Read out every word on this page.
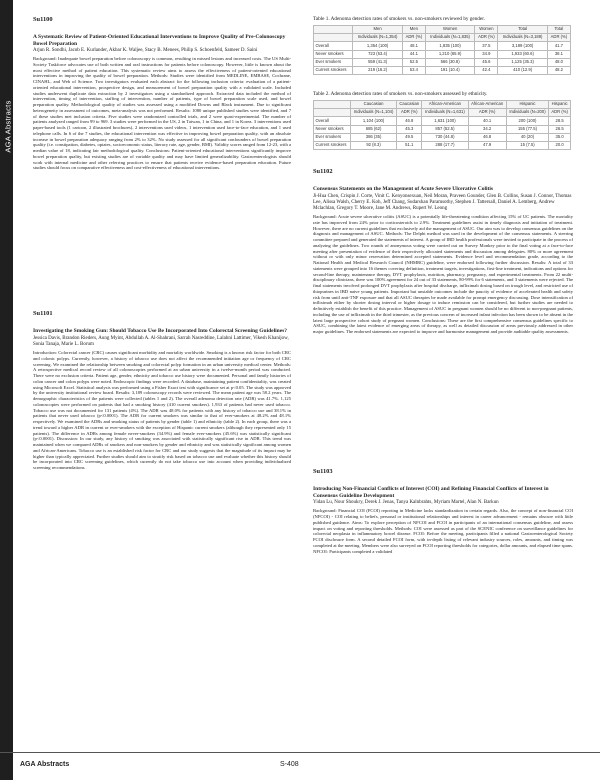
AGA Abstracts
Su1100
A Systematic Review of Patient-Oriented Educational Interventions to Improve Quality of Pre-Colonoscopy Bowel Preparation
Arjun R. Sondhi, Jacob E. Kurlander, Akbar K. Waljee, Stacy B. Menees, Philip S. Schoenfeld, Sameer D. Saini

Background: Inadequate bowel preparation before colonoscopy is common, resulting in missed lesions and increased costs. The US Multi-Society Taskforce advocates use of both written and oral instructions for patients before colonoscopy. However, little is known about the most effective method of patient education. This systematic review aims to assess the effectiveness of patient-oriented educational interventions in improving the quality of bowel preparation. Methods: Studies were identified from MEDLINE, EMBASE, Cochrane, CINAHL, and Web of Science. Two investigators evaluated each abstract for the following inclusion criteria: evaluation of a patient-oriented educational intervention, prospective design, and measurement of bowel preparation quality with a validated scale. Included studies underwent duplicate data extraction by 2 investigators using a standardized approach. Extracted data included the method of intervention, timing of intervention, staffing of intervention, number of patients, type of bowel preparation scale used, and bowel preparation quality. Methodological quality of studies was assessed using a modified Downs and Black instrument. Due to significant heterogeneity in assessment of outcomes, meta-analysis was not performed. Results: 1080 unique published studies were identified, and 7 of these studies met inclusion criteria. Five studies were randomized controlled trials, and 2 were quasi-experimental. The number of patients analyzed ranged from 99 to 969. 3 studies were performed in the US, 2 in Taiwan, 1 in China, and 1 in Korea. 3 interventions used paper-based tools (1 cartoon, 2 illustrated brochures), 2 interventions used videos, 1 intervention used face-to-face education, and 1 used telephone calls. In 6 of the 7 studies, the educational intervention was effective in improving bowel preparation quality, with an absolute increase in bowel preparation adequacy ranging from 2% to 32%. No study assessed for all significant confounders of bowel preparation quality (i.e. constipation, diabetes, opiates, socioeconomic status, literacy rate, age, gender, BMI). Validity scores ranged from 12-23, with a median value of 18, indicating fair methodological quality. Conclusions: Patient-oriented educational interventions significantly improve bowel preparation quality, but existing studies are of variable quality and may have limited generalizability. Gastroenterologists should work with internal medicine and other referring practices to ensure that patients receive evidence-based preparation education. Future studies should focus on comparative effectiveness and cost-effectiveness of educational interventions.

Su1101
Investigating the Smoking Gun: Should Tobacco Use Be Incorporated Into Colorectal Screening Guidelines?
Jessica Davis, Brandon Rieders, Aung Myint, Abdullah A. Al-Shahrani, Sarrah Nasreddine, Lalahni Lattimer, Vikesh Khanijow, Sonia Tanaja, Marie L. Borum

Introduction: Colorectal cancer (CRC) causes significant morbidity and mortality worldwide. Smoking is a known risk factor for both CRC and colonic polyps. Currently, however, a history of tobacco use does not affect the recommended initiation age or frequency of CRC screening. We examined the relationship between smoking and colorectal polyp formation in an urban university medical center. Methods: A retrospective medical record review of all colonoscopies performed at an urban university in a twelve-month period was conducted. There were no exclusion criteria. Patient age, gender, ethnicity and tobacco use history were documented. Personal and family histories of colon cancer and colon polyps were noted. Endoscopic findings were recorded. A database, maintaining patient confidentiality, was created using Microsoft Excel. Statistical analysis was performed using a Fisher Exact test with significance set at p<0.05. The study was approved by the university institutional review board. Results: 3,189 colonoscopy records were reviewed. The mean patient age was 58.2 years. The demographic characteristics of the patients were collected (tables 1 and 2). The overall adenoma detection rate (ADR) was 41.7%. 1,125 colonoscopies were performed on patients that had a smoking history (410 current smokers). 1,933 of patients had never used tobacco. Tobacco use was not documented for 131 patients (4%). The ADR was 48.0% for patients with any history of tobacco use and 38.1% in patients that never used tobacco (p<0.0001). The ADR for current smokers was similar to that of ever-smokers at 48.2% and 48.1% respectively. We examined the ADRs and smoking status of patients by gender (table 1) and ethnicity (table 2). In each group, there was a trend toward a higher ADR in current or ever-smokers with the exception of Hispanic current smokers (although they represented only 15 patients). The difference in ADRs among female never-smokers (34.9%) and female ever-smokers (45.6%) was statistically significant (p<0.0001). Discussion: In our study, any history of smoking was associated with statistically significant rise in ADR. This trend was maintained when we compared ADRs of smokers and non-smokers by gender and ethnicity and was statistically significant among women and African-Americans. Tobacco use is an established risk factor for CRC and our study suggests that the magnitude of its impact may be higher than typically appreciated. Further studies should aim to stratify risk based on tobacco use and evaluate whether this history should be incorporated into CRC screening guidelines, which currently do not take tobacco use into account when providing individualized screening recommendations.

Table 1. Adenoma detection rates of smokers vs. non-smokers reviewed by gender.
	Men	Men	Women	Women	Total	Total
	Individuals (N=1,354)	ADR (%)	Individuals (N=1,835)	ADR (%)	Individuals (N=3,189)	ADR (%)
Overall	1,354 (100)	48.1	1,835 (100)	37.5	3,189 (100)	41.7
Never smokers	723 (53.4)	44.1	1,210 (65.9)	34.9	1,933 (60.6)	38.1
Ever smokers	559 (41.3)	52.5	566 (30.8)	45.6	1,125 (35.3)	48.0
Current smokers	219 (16.2)	53.4	191 (10.4)	42.4	410 (12.9)	48.2
Table 2. Adenoma detection rates of smokers vs. non-smokers assessed by ethnicity.
	Caucasian	Caucasian	African-American	African-American	Hispanic	Hispanic
	Individuals (N=1,104)	ADR (%)	Individuals (N=1,631)	ADR (%)	Individuals (N=200)	ADR (%)
Overall	1,104 (100)	46.8	1,631 (100)	40.1	200 (100)	28.5
Never smokers	685 (62)	45.3	857 (52.5)	34.2	155 (77.5)	26.5
Ever smokers	386 (35)	49.5	730 (44.8)	46.8	40 (20)	35.0
Current smokers	92 (8.3)	51.1	288 (17.7)	47.9	15 (7.5)	20.0
Su1102
Consensus Statements on the Management of Acute Severe Ulcerative Colitis
Ji-Hua Chen, Crispin J. Corte, Vinit C. Kenyonsexuan, Neil Moran, Praveen Gounder, Glen B. Collins, Susan J. Connor, Thomas Lee, Alissa Walsh, Cherry E. Koh, Jeff Chang, Sudarshan Paramsothy, Stephen J. Tattersall, Daniel A. Lemberg, Andrew Mclachlan, Gregory T. Moore, Jane M. Andrews, Rupert W. Leong

Background: Acute severe ulcerative colitis (ASUC) is a potentially life-threatening condition affecting 15% of UC patients. The mortality rate has improved from 24% prior to corticosteroids to 2.9%. Treatment guidelines assist in timely diagnosis and initiation of treatment. However, there are no current guidelines that exclusively aid the management of ASUC. Our aim was to develop consensus guidelines on the diagnosis and management of ASUC. Methods: The Delphi method was used in the development of the consensus statements. A steering committee prepared and generated the statements of interest. A group of IBD health professionals were invited to participate in the process of analyzing the guidelines. Two rounds of anonymous voting were carried out on Survey Monkey prior to the final voting at a face-to-face meeting after presentation of evidence of their respectively allocated statements and discussion among delegates. 80% or more agreement without or with only minor reservation determined accepted statements. Evidence level and recommendation grade, according to the National Health and Medical Research Council (NHMRC) guideline, were endorsed following further discussion. Results: A total of 33 statements were grouped into 16 themes covering definition, treatment targets, investigations, first-line treatment, indications and options for second-line therapy, maintenance therapy, DVT prophylaxis, nutrition, pharmacy, pregnancy, and experimental treatments. From 22 multi-disciplinary clinicians, there was 100% agreement for 24 out of 33 statements, 80-99% for 6 statements, and 3 statements were rejected. The final statements involved prolonged DVT prophylaxis after hospital discharge, infliximab dosing based on trough level, and restricted use of thiopurines in IBD naive young patients. Important but unstable outcomes include the paucity of evidence of accelerated health and safety risk from until anti-TNF exposure and that all ASUC therapies be made available for prompt emergency discussing. Dose intensification of infliximab either by shorter dosing interval or higher dosage to induce remission can be considered, but further studies are needed to definitively establish the benefit of this practice. Management of ASUC in pregnant women should be no different to non-pregnant patients, including the use of infliximab in the third trimester, as the previous concern of increased infant infection has been shown to be absent in the latest large prospective cohort study of pregnant women. Conclusions: These are the first comprehensive consensus guidelines specific to ASUC, combining the latest evidence of emerging areas of therapy, as well as detailed discussion of areas previously addressed in other major guidelines. The endorsed statements are expected to improve and harmonise management and provide auditable quality assessments.

Su1103
Introducing Non-Financial Conflicts of Interest (COI) and Refining Financial Conflicts of Interest in Consensus Guideline Development
Yidan Lu, Nour Shoukry, Derek J. Jenas, Tanya Kalnbrahts, Myriam Martel, Alan N. Barkun

Background: Financial COI (FCOI) reporting in Medicine lacks standardization in certain regards. Also, the concept of non-financial COI (NFCOI) - COI relating to beliefs, personal or institutional relationships and interest in career advancement - remains obscure with little published guidance. Aims: To explore perception of NFCOI and FCOI in participants of an international consensus guideline, and assess impact on voting and reporting thresholds. Methods: COI were assessed as part of the SCENIC conference on surveillance guidelines for colorectal neoplasia in inflammatory bowel disease. FCOI: Before the meeting, participants filled a national Gastroenterological Society FCOI disclosure form. A second detailed FCOI form, with in-depth listing of relevant industry sources, roles, amounts, and timing was completed at the meeting. Members were also surveyed on FCOI reporting thresholds for categories, dollar amounts, and elapsed time spans. NFCOI: Participants completed a validated

AGA Abstracts	S-408
